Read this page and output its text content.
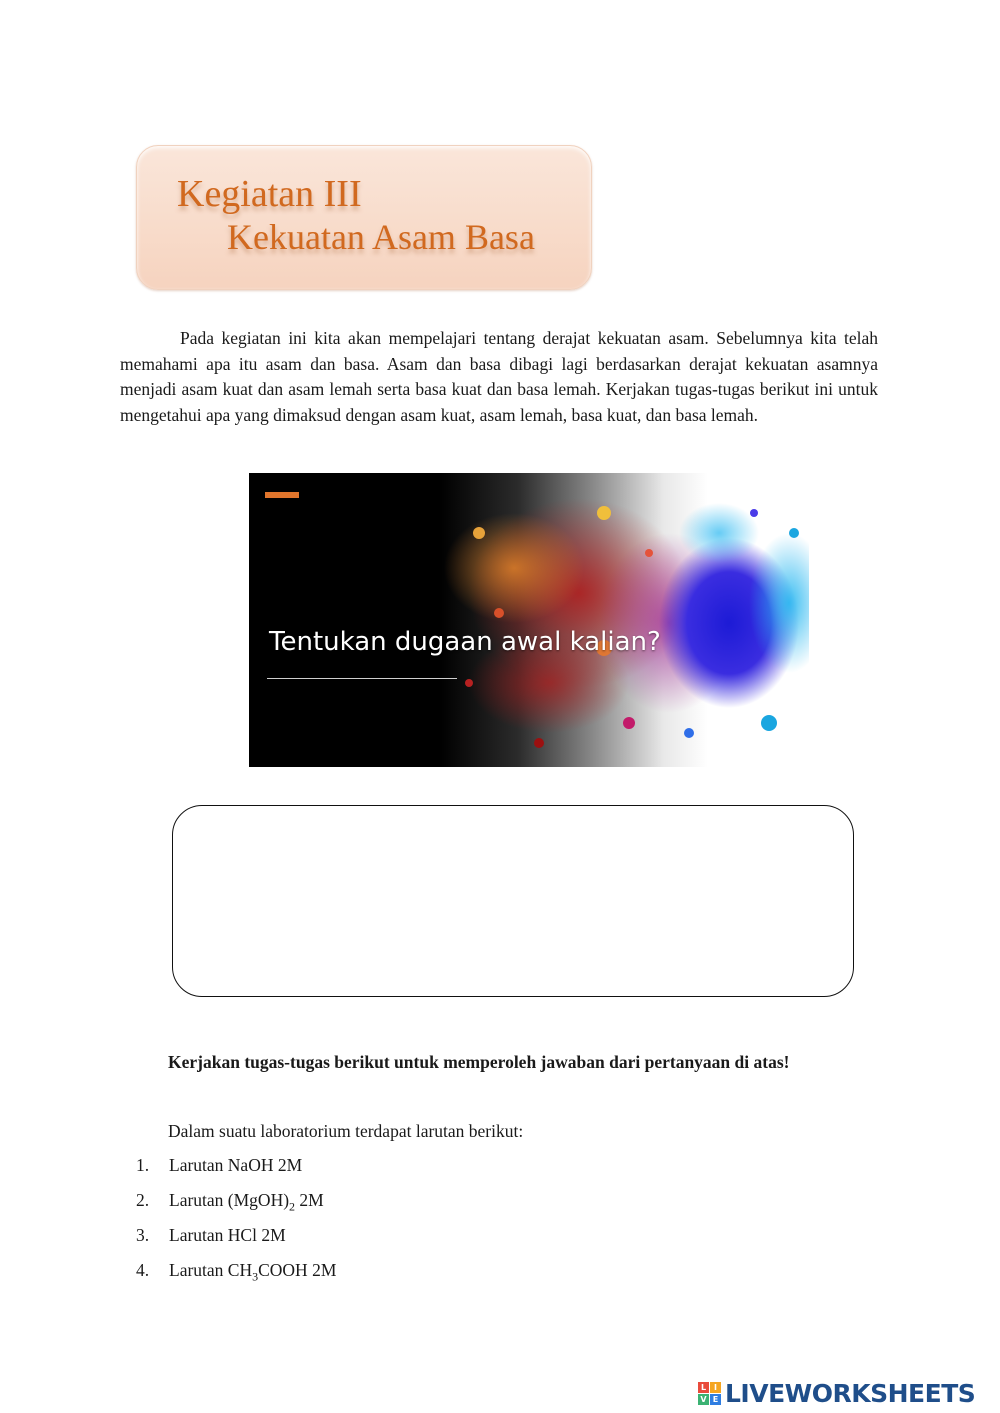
Kegiatan III
Kekuatan Asam Basa

Pada kegiatan ini kita akan mempelajari tentang derajat kekuatan asam. Sebelumnya kita telah memahami apa itu asam dan basa. Asam dan basa dibagi lagi berdasarkan derajat kekuatan asamnya menjadi asam kuat dan asam lemah serta basa kuat dan basa lemah. Kerjakan tugas-tugas berikut ini untuk mengetahui apa yang dimaksud dengan asam kuat, asam lemah, basa kuat, dan basa lemah.

Tentukan dugaan awal kalian?

Kerjakan tugas-tugas berikut untuk memperoleh jawaban dari pertanyaan di atas!

Dalam suatu laboratorium terdapat larutan berikut:

1.	Larutan NaOH 2M
2.	Larutan $(MgOH)_2$ 2M
3.	Larutan HCl 2M
4.	Larutan $CH_3COOH$ 2M
L I
V E LIVEWORKSHEETS
